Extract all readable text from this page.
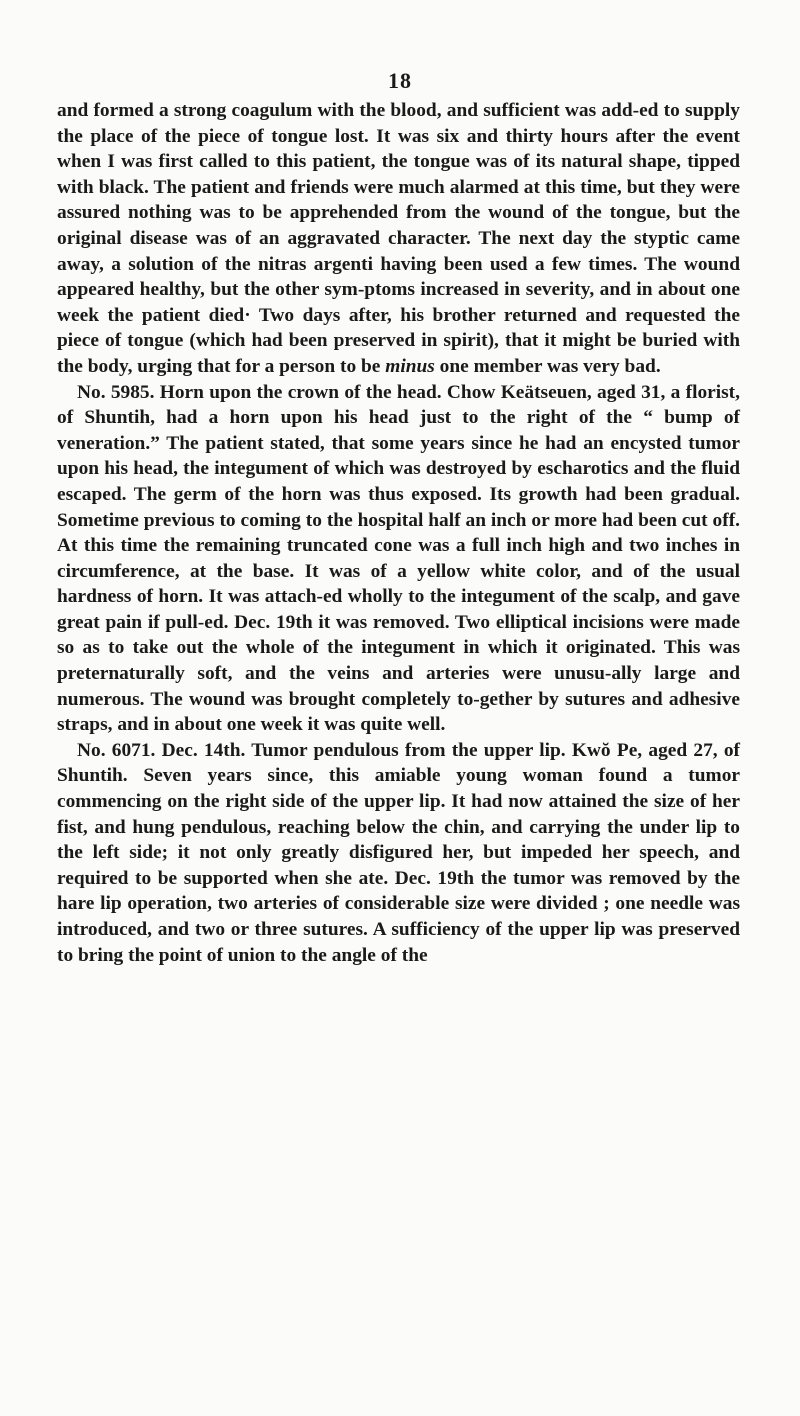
18

and formed a strong coagulum with the blood, and sufficient was add-ed to supply the place of the piece of tongue lost. It was six and thirty hours after the event when I was first called to this patient, the tongue was of its natural shape, tipped with black. The patient and friends were much alarmed at this time, but they were assured nothing was to be apprehended from the wound of the tongue, but the original disease was of an aggravated character. The next day the styptic came away, a solution of the nitras argenti having been used a few times. The wound appeared healthy, but the other sym-ptoms increased in severity, and in about one week the patient died· Two days after, his brother returned and requested the piece of tongue (which had been preserved in spirit), that it might be buried with the body, urging that for a person to be minus one member was very bad.

No. 5985. Horn upon the crown of the head. Chow Keätseuen, aged 31, a florist, of Shuntih, had a horn upon his head just to the right of the “ bump of veneration.” The patient stated, that some years since he had an encysted tumor upon his head, the integument of which was destroyed by escharotics and the fluid escaped. The germ of the horn was thus exposed. Its growth had been gradual. Sometime previous to coming to the hospital half an inch or more had been cut off. At this time the remaining truncated cone was a full inch high and two inches in circumference, at the base. It was of a yellow white color, and of the usual hardness of horn. It was attach-ed wholly to the integument of the scalp, and gave great pain if pull-ed. Dec. 19th it was removed. Two elliptical incisions were made so as to take out the whole of the integument in which it originated. This was preternaturally soft, and the veins and arteries were unusu-ally large and numerous. The wound was brought completely to-gether by sutures and adhesive straps, and in about one week it was quite well.

No. 6071. Dec. 14th. Tumor pendulous from the upper lip. Kwŏ Pe, aged 27, of Shuntih. Seven years since, this amiable young woman found a tumor commencing on the right side of the upper lip. It had now attained the size of her fist, and hung pendulous, reaching below the chin, and carrying the under lip to the left side; it not only greatly disfigured her, but impeded her speech, and required to be supported when she ate. Dec. 19th the tumor was removed by the hare lip operation, two arteries of considerable size were divided ; one needle was introduced, and two or three sutures. A sufficiency of the upper lip was preserved to bring the point of union to the angle of the
